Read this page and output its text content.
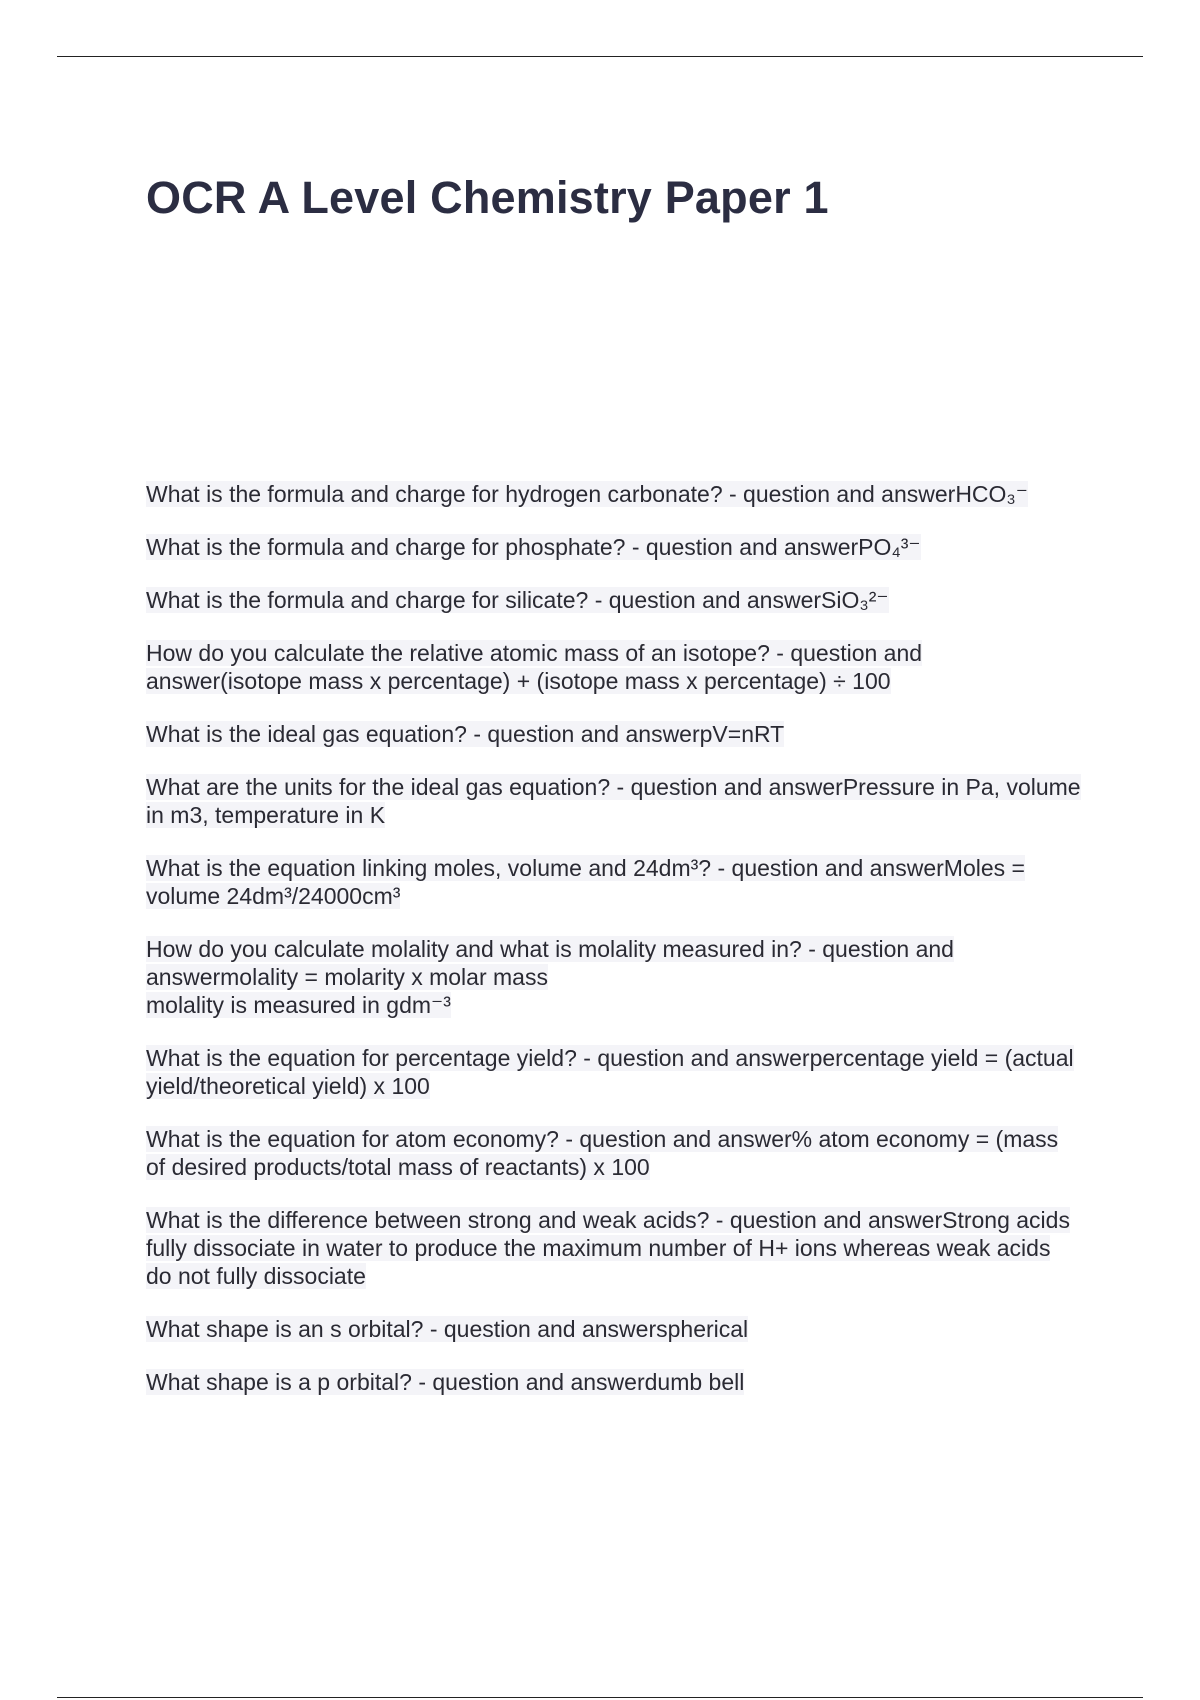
OCR A Level Chemistry Paper 1

What is the formula and charge for hydrogen carbonate? - question and answerHCO₃⁻

What is the formula and charge for phosphate? - question and answerPO₄³⁻

What is the formula and charge for silicate? - question and answerSiO₃²⁻

How do you calculate the relative atomic mass of an isotope? - question and answer(isotope mass x percentage) + (isotope mass x percentage) ÷ 100

What is the ideal gas equation? - question and answerpV=nRT

What are the units for the ideal gas equation? - question and answerPressure in Pa, volume in m3, temperature in K

What is the equation linking moles, volume and 24dm³? - question and answerMoles = volume 24dm³/24000cm³

How do you calculate molality and what is molality measured in? - question and answermolality = molarity x molar mass
molality is measured in gdm⁻³

What is the equation for percentage yield? - question and answerpercentage yield = (actual yield/theoretical yield) x 100

What is the equation for atom economy? - question and answer% atom economy = (mass of desired products/total mass of reactants) x 100

What is the difference between strong and weak acids? - question and answerStrong acids fully dissociate in water to produce the maximum number of H+ ions whereas weak acids do not fully dissociate

What shape is an s orbital? - question and answerspherical

What shape is a p orbital? - question and answerdumb bell
